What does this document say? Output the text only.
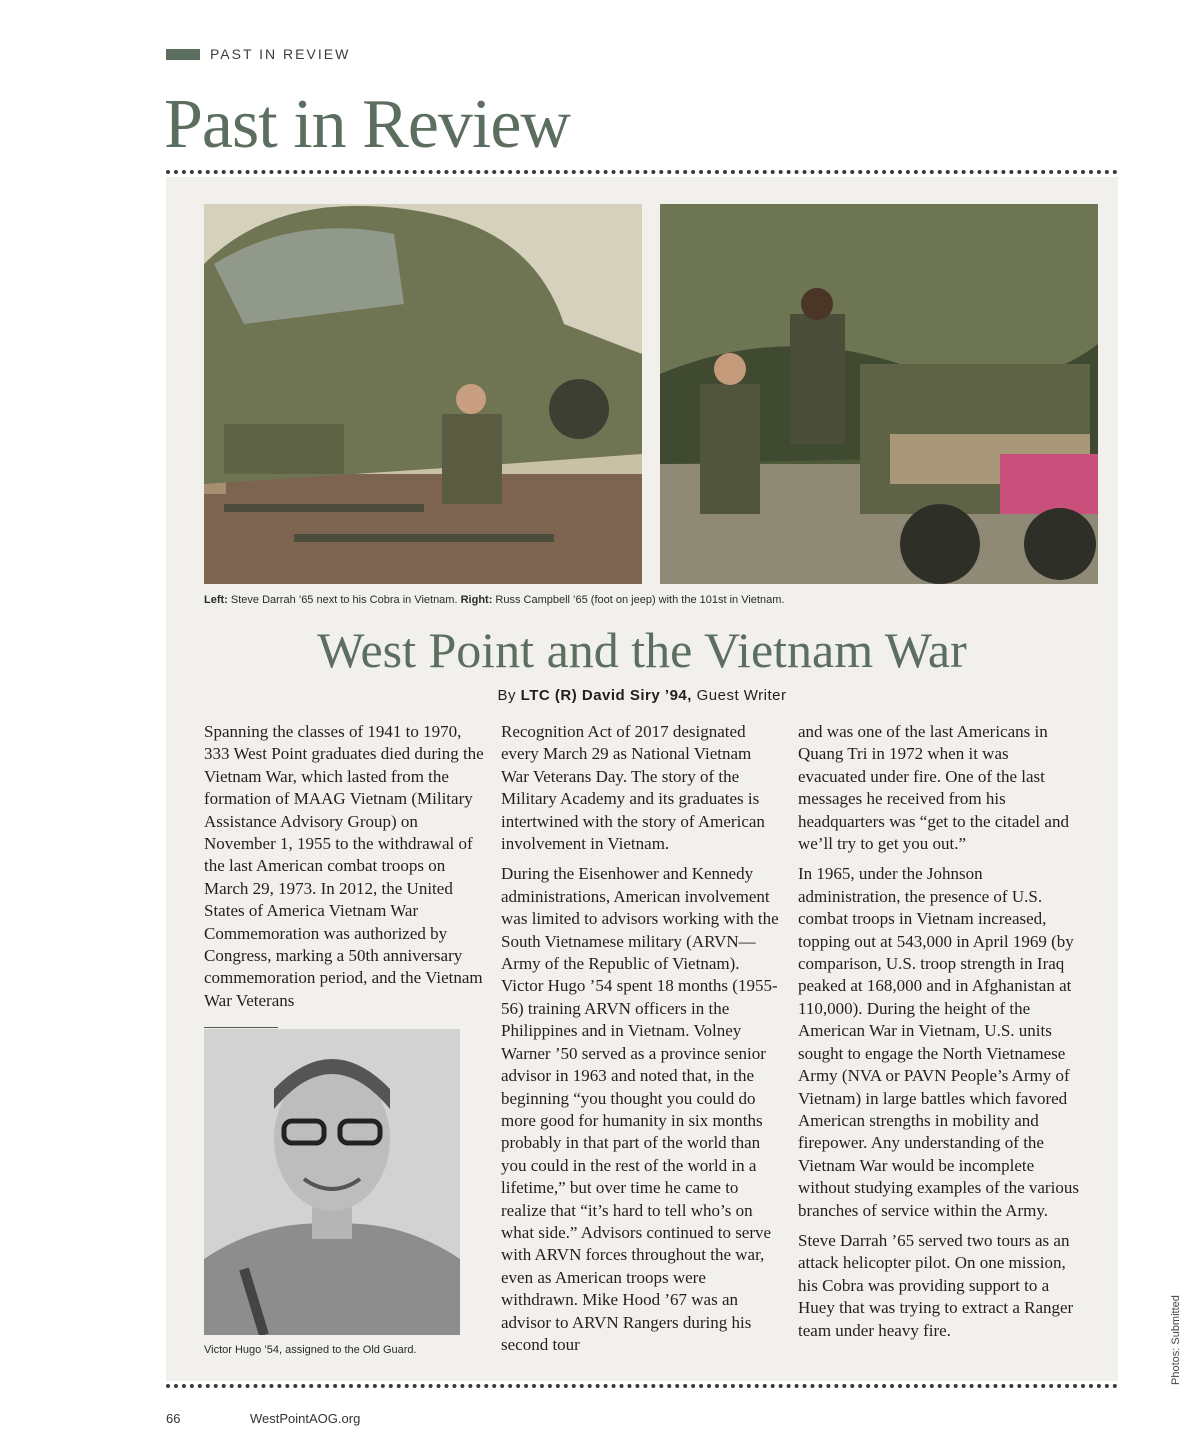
PAST IN REVIEW
Past in Review
Left: Steve Darrah ’65 next to his Cobra in Vietnam. Right: Russ Campbell ’65 (foot on jeep) with the 101st in Vietnam.
West Point and the Vietnam War
By LTC (R) David Siry ’94, Guest Writer

Spanning the classes of 1941 to 1970, 333 West Point graduates died during the Vietnam War, which lasted from the formation of MAAG Vietnam (Military Assistance Advisory Group) on November 1, 1955 to the withdrawal of the last American combat troops on March 29, 1973. In 2012, the United States of America Vietnam War Commemoration was authorized by Congress, marking a 50th anniversary commemoration period, and the Vietnam War Veterans

Victor Hugo ’54, assigned to the Old Guard.

Recognition Act of 2017 designated every March 29 as National Vietnam War Veterans Day. The story of the Military Academy and its graduates is intertwined with the story of American involvement in Vietnam.

During the Eisenhower and Kennedy administrations, American involvement was limited to advisors working with the South Vietnamese military (ARVN—Army of the Republic of Vietnam). Victor Hugo ’54 spent 18 months (1955-56) training ARVN officers in the Philippines and in Vietnam. Volney Warner ’50 served as a province senior advisor in 1963 and noted that, in the beginning “you thought you could do more good for humanity in six months probably in that part of the world than you could in the rest of the world in a lifetime,” but over time he came to realize that “it’s hard to tell who’s on what side.” Advisors continued to serve with ARVN forces throughout the war, even as American troops were withdrawn. Mike Hood ’67 was an advisor to ARVN Rangers during his second tour

and was one of the last Americans in Quang Tri in 1972 when it was evacuated under fire. One of the last messages he received from his headquarters was “get to the citadel and we’ll try to get you out.”

In 1965, under the Johnson administration, the presence of U.S. combat troops in Vietnam increased, topping out at 543,000 in April 1969 (by comparison, U.S. troop strength in Iraq peaked at 168,000 and in Afghanistan at 110,000). During the height of the American War in Vietnam, U.S. units sought to engage the North Vietnamese Army (NVA or PAVN People’s Army of Vietnam) in large battles which favored American strengths in mobility and firepower. Any understanding of the Vietnam War would be incomplete without studying examples of the various branches of service within the Army.

Steve Darrah ’65 served two tours as an attack helicopter pilot. On one mission, his Cobra was providing support to a Huey that was trying to extract a Ranger team under heavy fire.	Photos: Submitted
66	WestPointAOG.org
